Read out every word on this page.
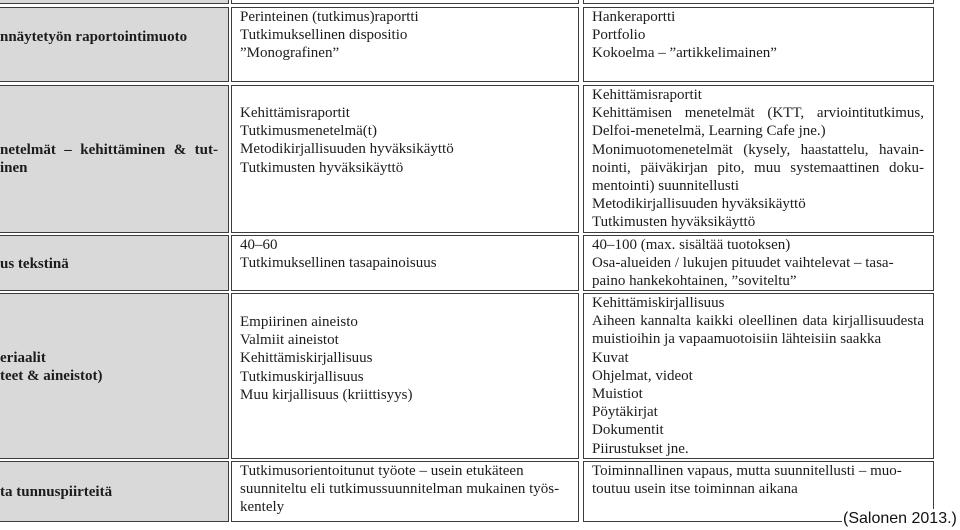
nnäytetyön raportointimuoto
Perinteinen (tutkimus)raportti
Tutkimuksellinen dispositio
”Monografinen”
Hankeraportti
Portfolio
Kokoelma – ”artikkelimainen”
netelmät – kehittäminen & tut-
inen
Kehittämisraportit
Tutkimusmenetelmä(t)
Metodikirjallisuuden hyväksikäyttö
Tutkimusten hyväksikäyttö
Kehittämisraportit
Kehittämisen menetelmät (KTT, arviointitutkimus,
Delfoi-menetelmä, Learning Cafe jne.)
Monimuotomenetelmät (kysely, haastattelu, havain-
nointi, päiväkirjan pito, muu systemaattinen doku-
mentointi) suunnitellusti
Metodikirjallisuuden hyväksikäyttö
Tutkimusten hyväksikäyttö
us tekstinä
40–60
Tutkimuksellinen tasapainoisuus
40–100 (max. sisältää tuotoksen)
Osa-alueiden / lukujen pituudet vaihtelevat – tasa-
paino hankekohtainen, ”soviteltu”
eriaalit
teet & aineistot)
Empiirinen aineisto
Valmiit aineistot
Kehittämiskirjallisuus
Tutkimuskirjallisuus
Muu kirjallisuus (kriittisyys)
Kehittämiskirjallisuus
Aiheen kannalta kaikki oleellinen data kirjallisuudesta
muistioihin ja vapaamuotoisiin lähteisiin saakka
Kuvat
Ohjelmat, videot
Muistiot
Pöytäkirjat
Dokumentit
Piirustukset jne.
ta tunnuspiirteitä
Tutkimusorientoitunut työote – usein etukäteen
suunniteltu eli tutkimussuunnitelman mukainen työs-
kentely
Toiminnallinen vapaus, mutta suunnitellusti – muo-
toutuu usein itse toiminnan aikana
(Salonen 2013.)
